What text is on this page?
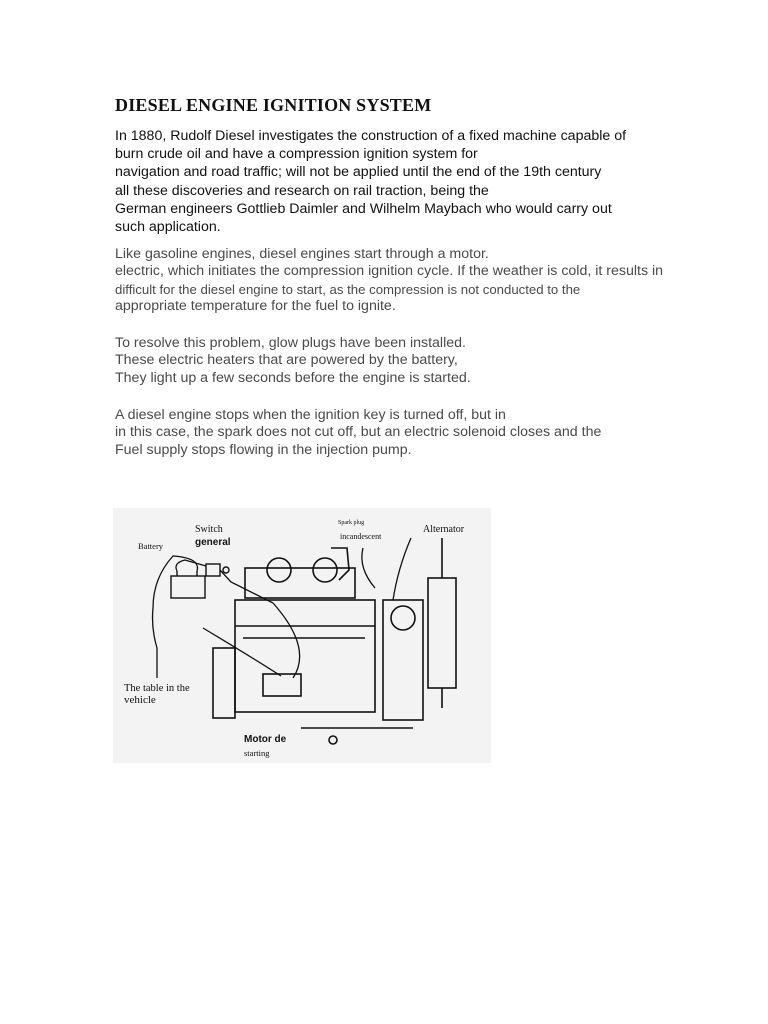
DIESEL ENGINE IGNITION SYSTEM
In 1880, Rudolf Diesel investigates the construction of a fixed machine capable of
burn crude oil and have a compression ignition system for
navigation and road traffic; will not be applied until the end of the 19th century
all these discoveries and research on rail traction, being the
German engineers Gottlieb Daimler and Wilhelm Maybach who would carry out
such application.
Like gasoline engines, diesel engines start through a motor.
electric, which initiates the compression ignition cycle. If the weather is cold, it results in
difficult for the diesel engine to start, as the compression is not conducted to the
appropriate temperature for the fuel to ignite.
To resolve this problem, glow plugs have been installed.
These electric heaters that are powered by the battery,
They light up a few seconds before the engine is started.
A diesel engine stops when the ignition key is turned off, but in
in this case, the spark does not cut off, but an electric solenoid closes and the
Fuel supply stops flowing in the injection pump.
Switch
general
Battery
Spark plug
incandescent
Alternator
The table in the
vehicle
Motor de
starting
